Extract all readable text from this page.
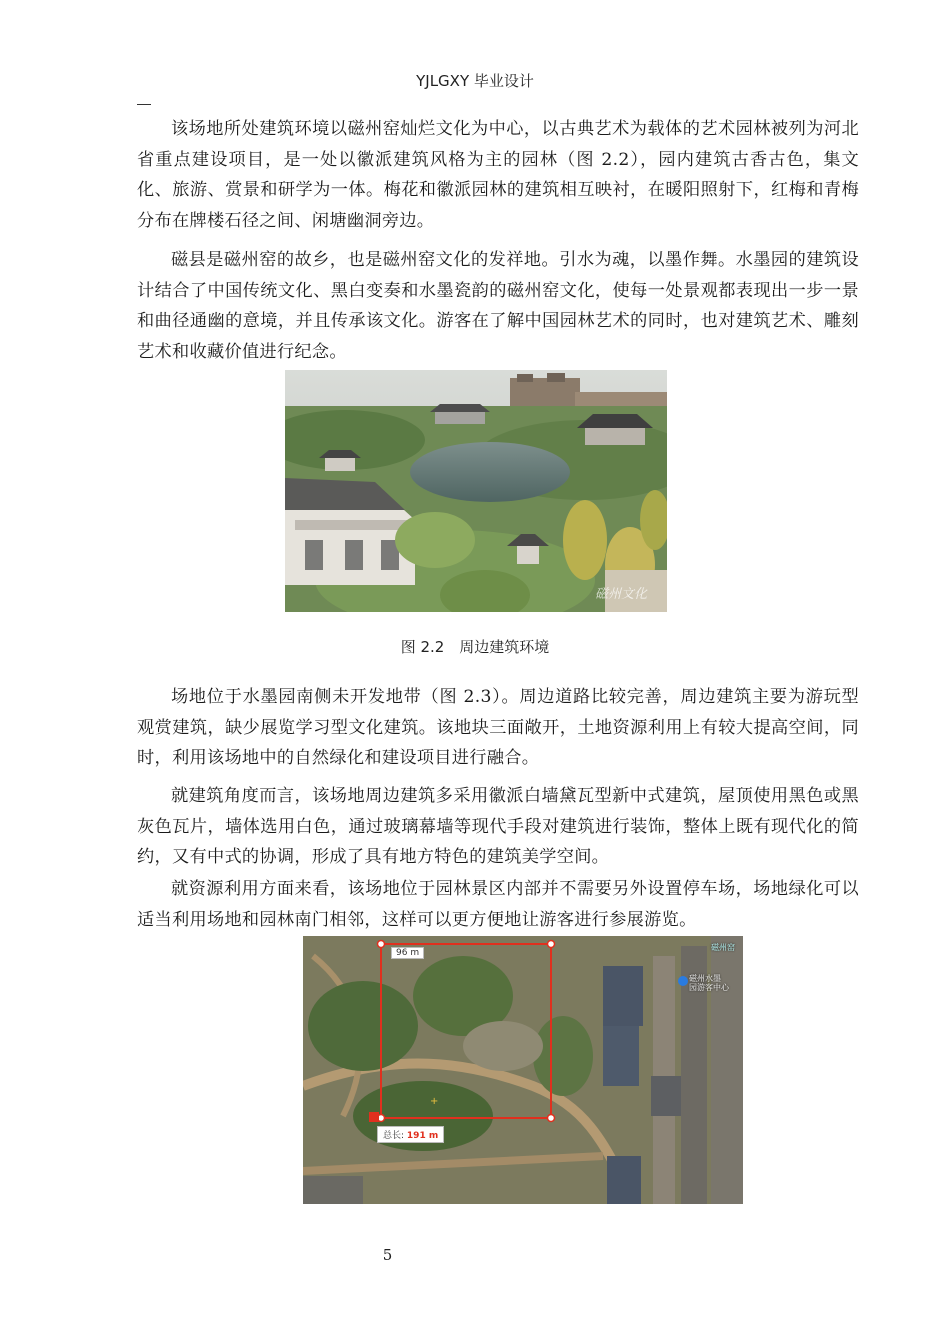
YJLGXY 毕业设计

该场地所处建筑环境以磁州窑灿烂文化为中心，以古典艺术为载体的艺术园林被列为河北省重点建设项目，是一处以徽派建筑风格为主的园林（图 2.2），园内建筑古香古色，集文化、旅游、赏景和研学为一体。梅花和徽派园林的建筑相互映衬，在暖阳照射下，红梅和青梅分布在牌楼石径之间、闲塘幽洞旁边。

磁县是磁州窑的故乡，也是磁州窑文化的发祥地。引水为魂，以墨作舞。水墨园的建筑设计结合了中国传统文化、黑白变奏和水墨瓷韵的磁州窑文化，使每一处景观都表现出一步一景和曲径通幽的意境，并且传承该文化。游客在了解中国园林艺术的同时，也对建筑艺术、雕刻艺术和收藏价值进行纪念。

磁州文化
图 2.2　周边建筑环境

场地位于水墨园南侧未开发地带（图 2.3）。周边道路比较完善，周边建筑主要为游玩型观赏建筑，缺少展览学习型文化建筑。该地块三面敞开，土地资源利用上有较大提高空间，同时，利用该场地中的自然绿化和建设项目进行融合。

就建筑角度而言，该场地周边建筑多采用徽派白墙黛瓦型新中式建筑，屋顶使用黑色或黑灰色瓦片，墙体选用白色，通过玻璃幕墙等现代手段对建筑进行装饰，整体上既有现代化的简约，又有中式的协调，形成了具有地方特色的建筑美学空间。

就资源利用方面来看，该场地位于园林景区内部并不需要另外设置停车场，场地绿化可以适当利用场地和园林南门相邻，这样可以更方便地让游客进行参展游览。

+
96 m
总长: 191 m
磁州水墨
园游客中心
磁州窑
5
